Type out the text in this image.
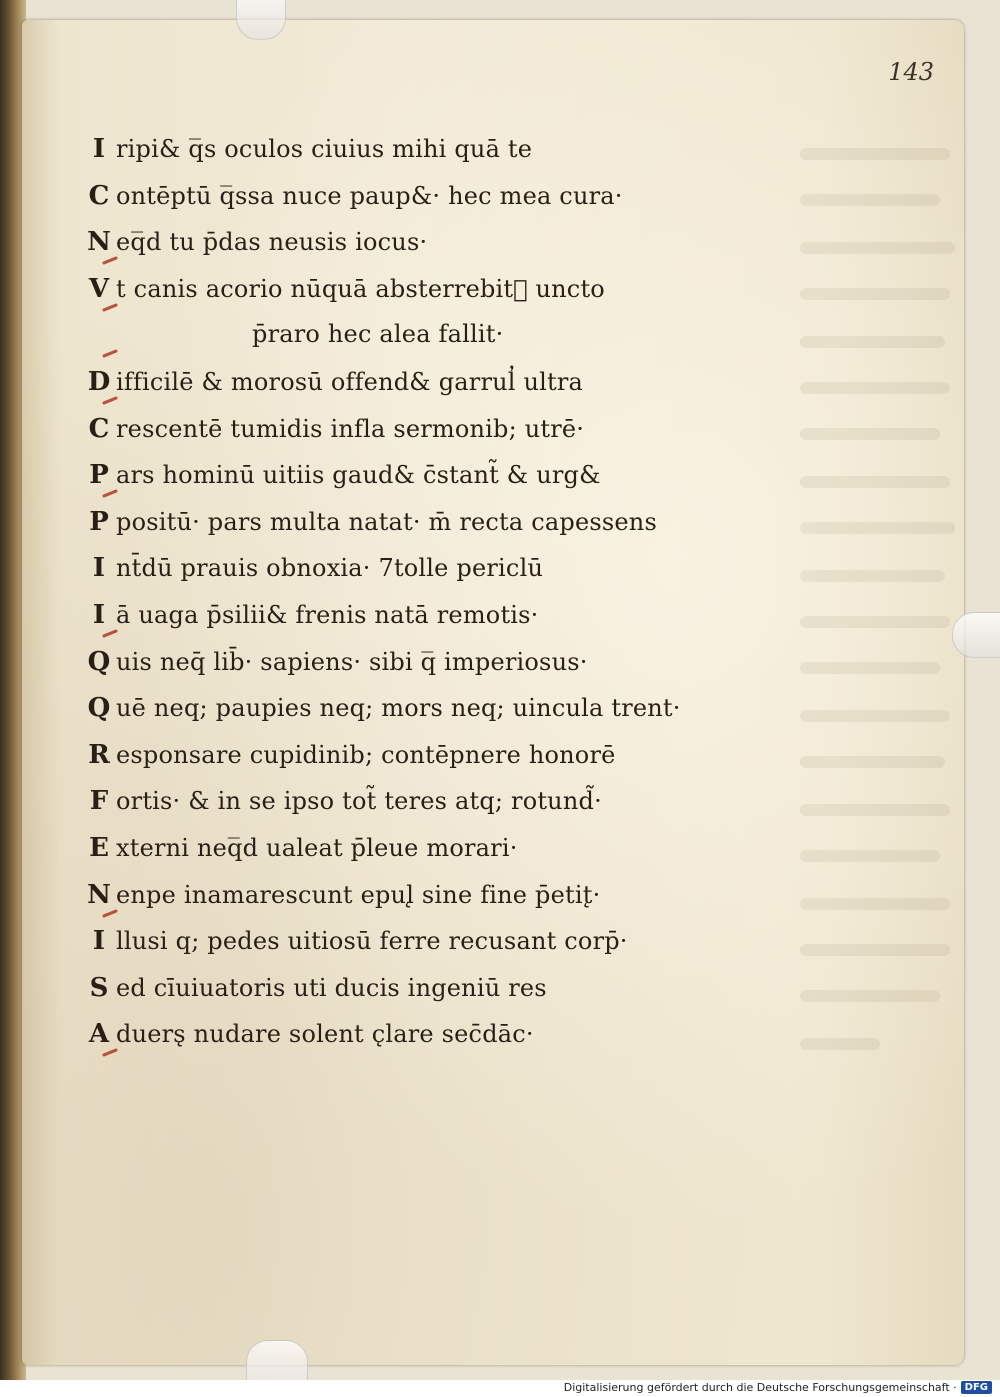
143
I ripi& q̅s oculos ciuius mihi quā te
C ontēptū q̅ssa nuce paup&· hec mea cura·
N eq̅d tu p̄das neusis iocus·
V t canis acorio nūquā absterrebit᷑ uncto
p̄raro hec alea fallit·
D ifficilē & morosū offend& garrul̓ ultra
C rescentē tumidis infla sermonib; utrē·
P ars hominū uitiis gaud& c̄stant̃ & urg&
P positū· pars multa natat· m̄ recta capessens
I nt̄dū prauis obnoxia· 7tolle periclū
I ā uaga p̄silii& frenis natā remotis·
Q uis neq̄ lib̄· sapiens· sibi q̅ imperiosus·
Q uē neq; paupies neq; mors neq; uincula trent·
R esponsare cupidinib; contēpnere honorē
F ortis· & in se ipso tot̃ teres atq; rotund̃·
E xterni neq̅d ualeat p̄leue morari·
N enpe inamarescunt epul̨ sine fine p̄etit̨·
I llusi q; pedes uitiosū ferre recusant corp̄·
S ed cīuiuatoris uti ducis ingeniū res
A duers̨ nudare solent c̨lare sec̄dāc·
Digitalisierung gefördert durch die Deutsche Forschungsgemeinschaft · DFG
